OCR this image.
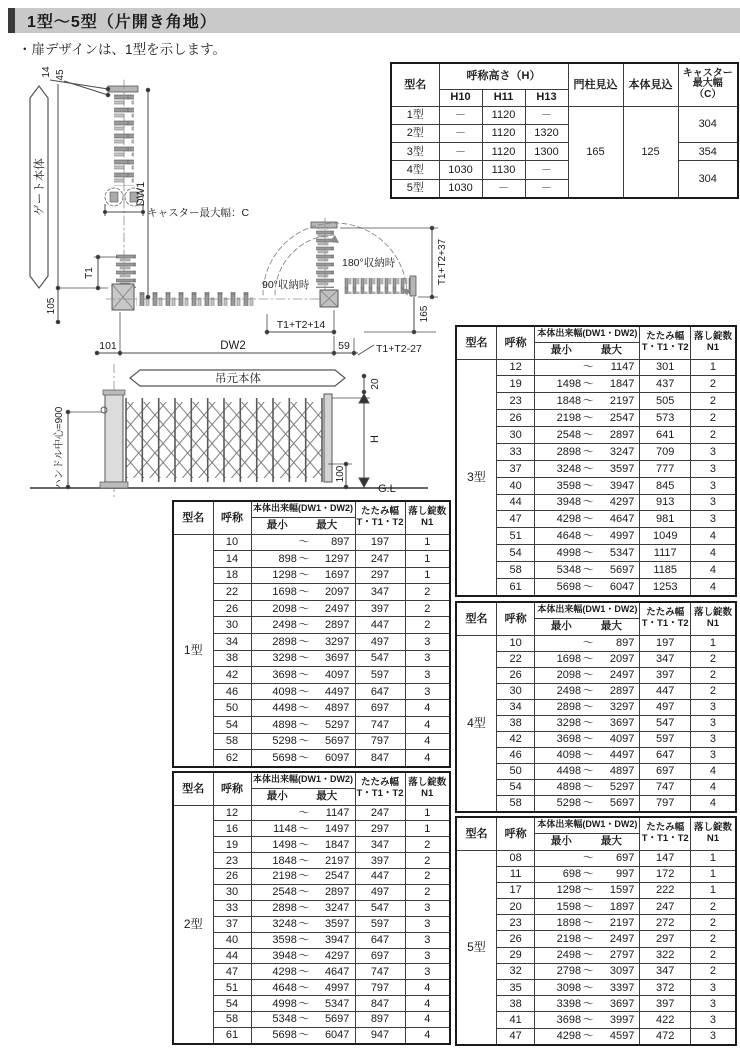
1型～5型（片開き角地）
・扉デザインは、1型を示します。
ゲート本体
14 45
DW1
キャスター最大幅：C
T1
105
90°収納時
180°収納時	T1+T2+37
165
T1+T2+14
101	DW2	59 T1+T2-27
吊元本体
ハンドル中心=900
20
H
100
G.L
型名	呼称高さ（H）			門柱見込	本体見込	キャスター
最大幅
（C）

	H10	H11	H13			
1型	－	1120	－	165	125	304
2型	－	1120	1320			
3型	－	1120	1300			354
4型	1030	1130	－			304
5型	1030	－	－			
型名	呼称	本体出来幅(DW1・DW2)	たたみ幅
T・T1・T2

落し錠数
N1

		最小 最大		
1型	10	～ 897	197	1
	14	898 ～ 1297	247	1
	18	1298 ～ 1697	297	1
	22	1698 ～ 2097	347	2
	26	2098 ～ 2497	397	2
	30	2498 ～ 2897	447	2
	34	2898 ～ 3297	497	3
	38	3298 ～ 3697	547	3
	42	3698 ～ 4097	597	3
	46	4098 ～ 4497	647	3
	50	4498 ～ 4897	697	4
	54	4898 ～ 5297	747	4
	58	5298 ～ 5697	797	4
	62	5698 ～ 6097	847	4
型名	呼称	本体出来幅(DW1・DW2)	たたみ幅
T・T1・T2

落し錠数
N1

		最小 最大		
2型	12	～ 1147	247	1
	16	1148 ～ 1497	297	1
	19	1498 ～ 1847	347	2
	23	1848 ～ 2197	397	2
	26	2198 ～ 2547	447	2
	30	2548 ～ 2897	497	2
	33	2898 ～ 3247	547	3
	37	3248 ～ 3597	597	3
	40	3598 ～ 3947	647	3
	44	3948 ～ 4297	697	3
	47	4298 ～ 4647	747	3
	51	4648 ～ 4997	797	4
	54	4998 ～ 5347	847	4
	58	5348 ～ 5697	897	4
	61	5698 ～ 6047	947	4
型名	呼称	本体出来幅(DW1・DW2)	たたみ幅
T・T1・T2

落し錠数
N1

		最小 最大		
3型	12	～ 1147	301	1
	19	1498 ～ 1847	437	2
	23	1848 ～ 2197	505	2
	26	2198 ～ 2547	573	2
	30	2548 ～ 2897	641	2
	33	2898 ～ 3247	709	3
	37	3248 ～ 3597	777	3
	40	3598 ～ 3947	845	3
	44	3948 ～ 4297	913	3
	47	4298 ～ 4647	981	3
	51	4648 ～ 4997	1049	4
	54	4998 ～ 5347	1117	4
	58	5348 ～ 5697	1185	4
	61	5698 ～ 6047	1253	4
型名	呼称	本体出来幅(DW1・DW2)	たたみ幅
T・T1・T2

落し錠数
N1

		最小 最大		
4型	10	～ 897	197	1
	22	1698 ～ 2097	347	2
	26	2098 ～ 2497	397	2
	30	2498 ～ 2897	447	2
	34	2898 ～ 3297	497	3
	38	3298 ～ 3697	547	3
	42	3698 ～ 4097	597	3
	46	4098 ～ 4497	647	3
	50	4498 ～ 4897	697	4
	54	4898 ～ 5297	747	4
	58	5298 ～ 5697	797	4
型名	呼称	本体出来幅(DW1・DW2)	たたみ幅
T・T1・T2

落し錠数
N1

		最小 最大		
5型	08	～ 697	147	1
	11	698 ～ 997	172	1
	17	1298 ～ 1597	222	1
	20	1598 ～ 1897	247	2
	23	1898 ～ 2197	272	2
	26	2198 ～ 2497	297	2
	29	2498 ～ 2797	322	2
	32	2798 ～ 3097	347	2
	35	3098 ～ 3397	372	3
	38	3398 ～ 3697	397	3
	41	3698 ～ 3997	422	3
	47	4298 ～ 4597	472	3
